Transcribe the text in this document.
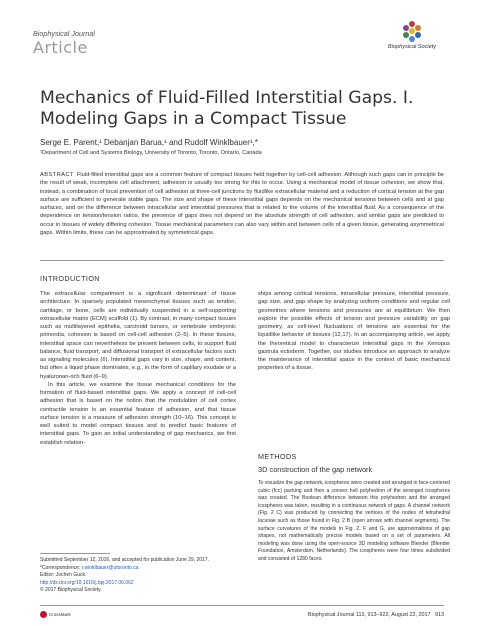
Biophysical Journal
Article	Biophysical Society
Mechanics of Fluid-Filled Interstitial Gaps. I. Modeling Gaps in a Compact Tissue
Serge E. Parent,¹ Debanjan Barua,¹ and Rudolf Winklbauer¹,*
¹Department of Cell and Systems Biology, University of Toronto, Toronto, Ontario, Canada
ABSTRACT Fluid-filled interstitial gaps are a common feature of compact tissues held together by cell-cell adhesion. Although such gaps can in principle be the result of weak, incomplete cell attachment, adhesion is usually too strong for this to occur. Using a mechanical model of tissue cohesion, we show that, instead, a combination of local prevention of cell adhesion at three-cell junctions by fluidlike extracellular material and a reduction of cortical tension at the gap surface are sufficient to generate stable gaps. The size and shape of these interstitial gaps depends on the mechanical tensions between cells and at gap surfaces, and on the difference between intracellular and interstitial pressures that is related to the volume of the interstitial fluid. As a consequence of the dependence on tension/tension ratios, the presence of gaps does not depend on the absolute strength of cell adhesion, and similar gaps are predicted to occur in tissues of widely differing cohesion. Tissue mechanical parameters can also vary within and between cells of a given tissue, generating asymmetrical gaps. Within limits, these can be approximated by symmetrical gaps.
INTRODUCTION

The extracellular compartment is a significant determinant of tissue architecture. In sparsely populated mesenchymal tissues such as tendon, cartilage, or bone, cells are individually suspended in a self-supporting extracellular matrix (ECM) scaffold (1). By contrast, in many compact tissues such as multilayered epithelia, carcinoid tumors, or vertebrate embryonic primordia, cohesion is based on cell-cell adhesion (2–5). In these tissues, interstitial space can nevertheless be present between cells, to support fluid balance, fluid transport, and diffusional transport of extracellular factors such as signaling molecules (6). Interstitial gaps vary in size, shape, and content, but often a liquid phase dominates, e.g., in the form of capillary exudate or a hyaluronan-rich fluid (6–9).

In this article, we examine the tissue mechanical conditions for the formation of fluid-based interstitial gaps. We apply a concept of cell-cell adhesion that is based on the notion that the modulation of cell cortex contractile tension is an essential feature of adhesion, and that tissue surface tension is a measure of adhesion strength (10–16). This concept is well suited to model compact tissues and to predict basic features of interstitial gaps. To gain an initial understanding of gap mechanics, we first establish relation-

ships among cortical tensions, intracellular pressure, interstitial pressure, gap size, and gap shape by analyzing uniform conditions and regular cell geometries where tensions and pressures are at equilibrium. We then explore the possible effects of tension and pressure variability on gap geometry, as cell-level fluctuations of tensions are essential for the liquidlike behavior of tissues (12,17). In an accompanying article, we apply the theoretical model to characterize interstitial gaps in the Xenopus gastrula ectoderm. Together, our studies introduce an approach to analyze the maintenance of interstitial space in the context of basic mechanical properties of a tissue.

METHODS
3D construction of the gap network
To visualize the gap network, icospheres were created and arranged in face-centered cubic (fcc) packing and then a convex hull polyhedron of the arranged icospheres was created. The Boolean difference between this polyhedron and the arranged icospheres was taken, resulting in a continuous network of gaps. A channel network (Fig. 2 C) was produced by connecting the vertices of the nodes of tetrahedral lacunae such as those found in Fig. 2 B (open arrows with channel segments). The surface curvatures of the models in Fig. 2, F and G, are approximations of gap shapes, not mathematically precise models based on a set of parameters. All modeling was done using the open-source 3D modeling software Blender (Blender Foundation, Amsterdam, Netherlands). The icospheres were four times subdivided and consisted of 1280 faces.
Submitted September 12, 2016, and accepted for publication June 29, 2017.
*Correspondence: r.winklbauer@utoronto.ca
Editor: Jochen Guck.
http://dx.doi.org/10.1016/j.bpj.2017.06.062
© 2017 Biophysical Society.
CrossMark	Biophysical Journal 113, 913–922, August 22, 2017 913
